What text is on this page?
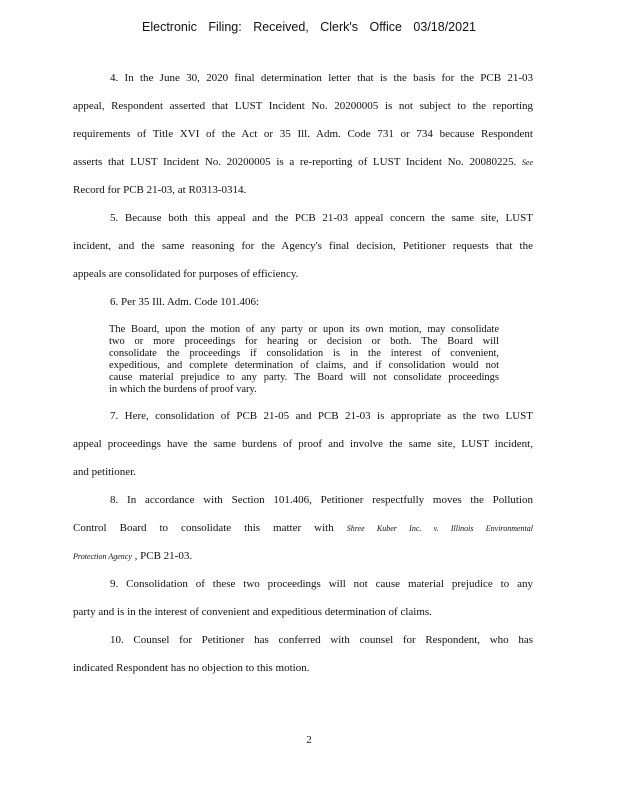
Electronic Filing: Received, Clerk's Office 03/18/2021
4. In the June 30, 2020 final determination letter that is the basis for the PCB 21-03
appeal, Respondent asserted that LUST Incident No. 20200005 is not subject to the reporting
requirements of Title XVI of the Act or 35 Ill. Adm. Code 731 or 734 because Respondent
asserts that LUST Incident No. 20200005 is a re-reporting of LUST Incident No. 20080225. See
Record for PCB 21-03, at R0313-0314.
5. Because both this appeal and the PCB 21-03 appeal concern the same site, LUST
incident, and the same reasoning for the Agency's final decision, Petitioner requests that the
appeals are consolidated for purposes of efficiency.
6. Per 35 Ill. Adm. Code 101.406:
The Board, upon the motion of any party or upon its own motion, may consolidate
two or more proceedings for hearing or decision or both. The Board will
consolidate the proceedings if consolidation is in the interest of convenient,
expeditious, and complete determination of claims, and if consolidation would not
cause material prejudice to any party. The Board will not consolidate proceedings
in which the burdens of proof vary.
7. Here, consolidation of PCB 21-05 and PCB 21-03 is appropriate as the two LUST
appeal proceedings have the same burdens of proof and involve the same site, LUST incident,
and petitioner.
8. In accordance with Section 101.406, Petitioner respectfully moves the Pollution
Control Board to consolidate this matter with Shree Kuber Inc. v. Illinois Environmental
Protection Agency , PCB 21-03.
9. Consolidation of these two proceedings will not cause material prejudice to any
party and is in the interest of convenient and expeditious determination of claims.
10. Counsel for Petitioner has conferred with counsel for Respondent, who has
indicated Respondent has no objection to this motion.
2
